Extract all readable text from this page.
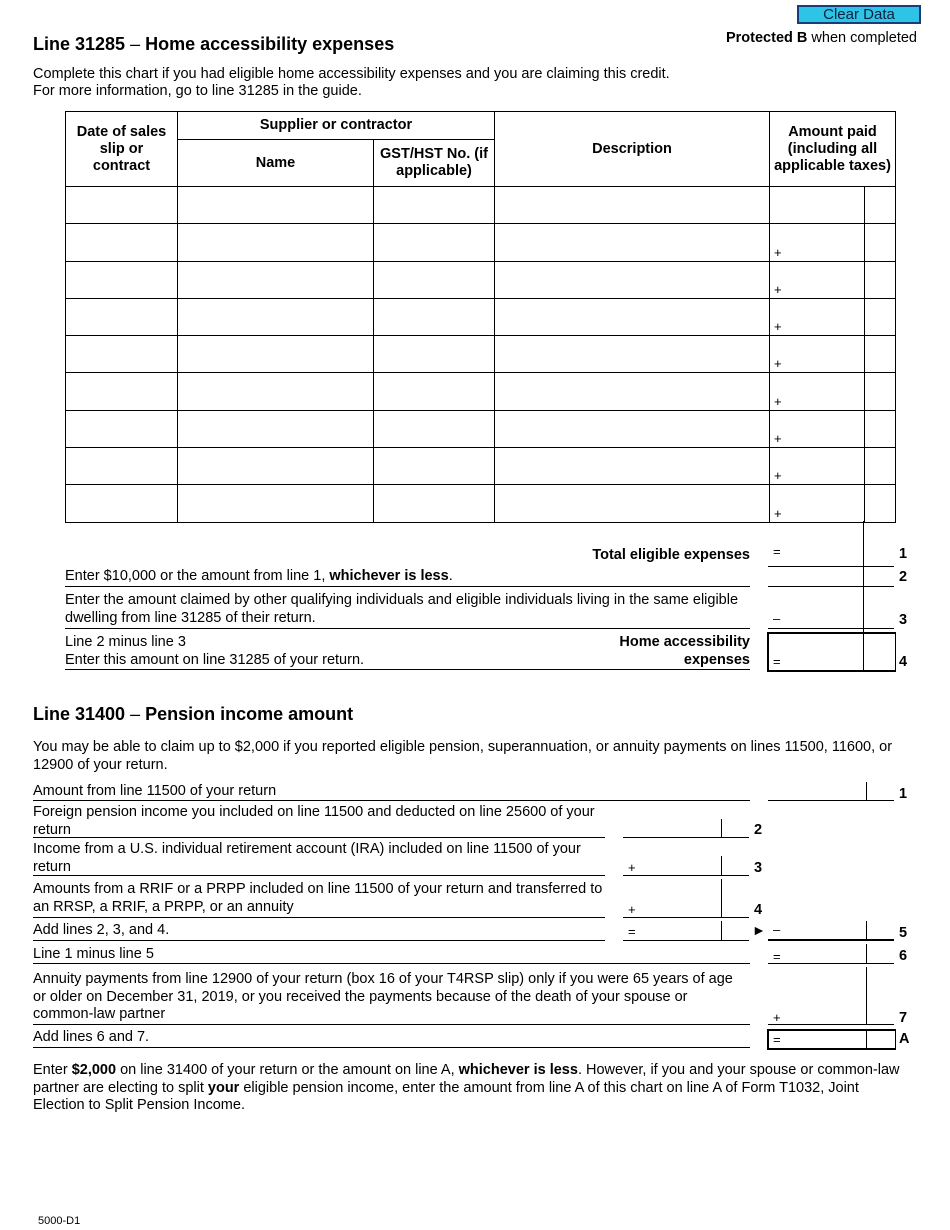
Clear Data
Protected B when completed
Line 31285 – Home accessibility expenses
Complete this chart if you had eligible home accessibility expenses and you are claiming this credit.
For more information, go to line 31285 in the guide.
Date of sales slip or contract	Supplier or contractor		Description	Amount paid (including all applicable taxes)	
	Name	GST/HST No. (if applicable)			

				+	

				+	

				+	

				+	

				+	

				+	

				+	

				+	

Total eligible expenses =	1
Enter $10,000 or the amount from line 1, whichever is less.	2
Enter the amount claimed by other qualifying individuals and eligible individuals living in the same eligible dwelling from line 31285 of their return.	–	3
Line 2 minus line 3
Enter this amount on line 31285 of your return.
Home accessibility
expenses =	4
Line 31400 – Pension income amount
You may be able to claim up to $2,000 if you reported eligible pension, superannuation, or annuity payments on lines 11500, 11600, or 12900 of your return.
Amount from line 11500 of your return	1
Foreign pension income you included on line 11500 and deducted on line 25600 of your return	2
Income from a U.S. individual retirement account (IRA) included on line 11500 of your return	+	3
Amounts from a RRIF or a PRPP included on line 11500 of your return and transferred to an RRSP, a RRIF, a PRPP, or an annuity	+	4
Add lines 2, 3, and 4.	=	► –	5
Line 1 minus line 5	=	6
Annuity payments from line 12900 of your return (box 16 of your T4RSP slip) only if you were 65 years of age or older on December 31, 2019, or you received the payments because of the death of your spouse or common-law partner	+	7
Add lines 6 and 7.	=	A
Enter $2,000 on line 31400 of your return or the amount on line A, whichever is less. However, if you and your spouse or common-law partner are electing to split your eligible pension income, enter the amount from line A of this chart on line A of Form T1032, Joint Election to Split Pension Income.
5000-D1
